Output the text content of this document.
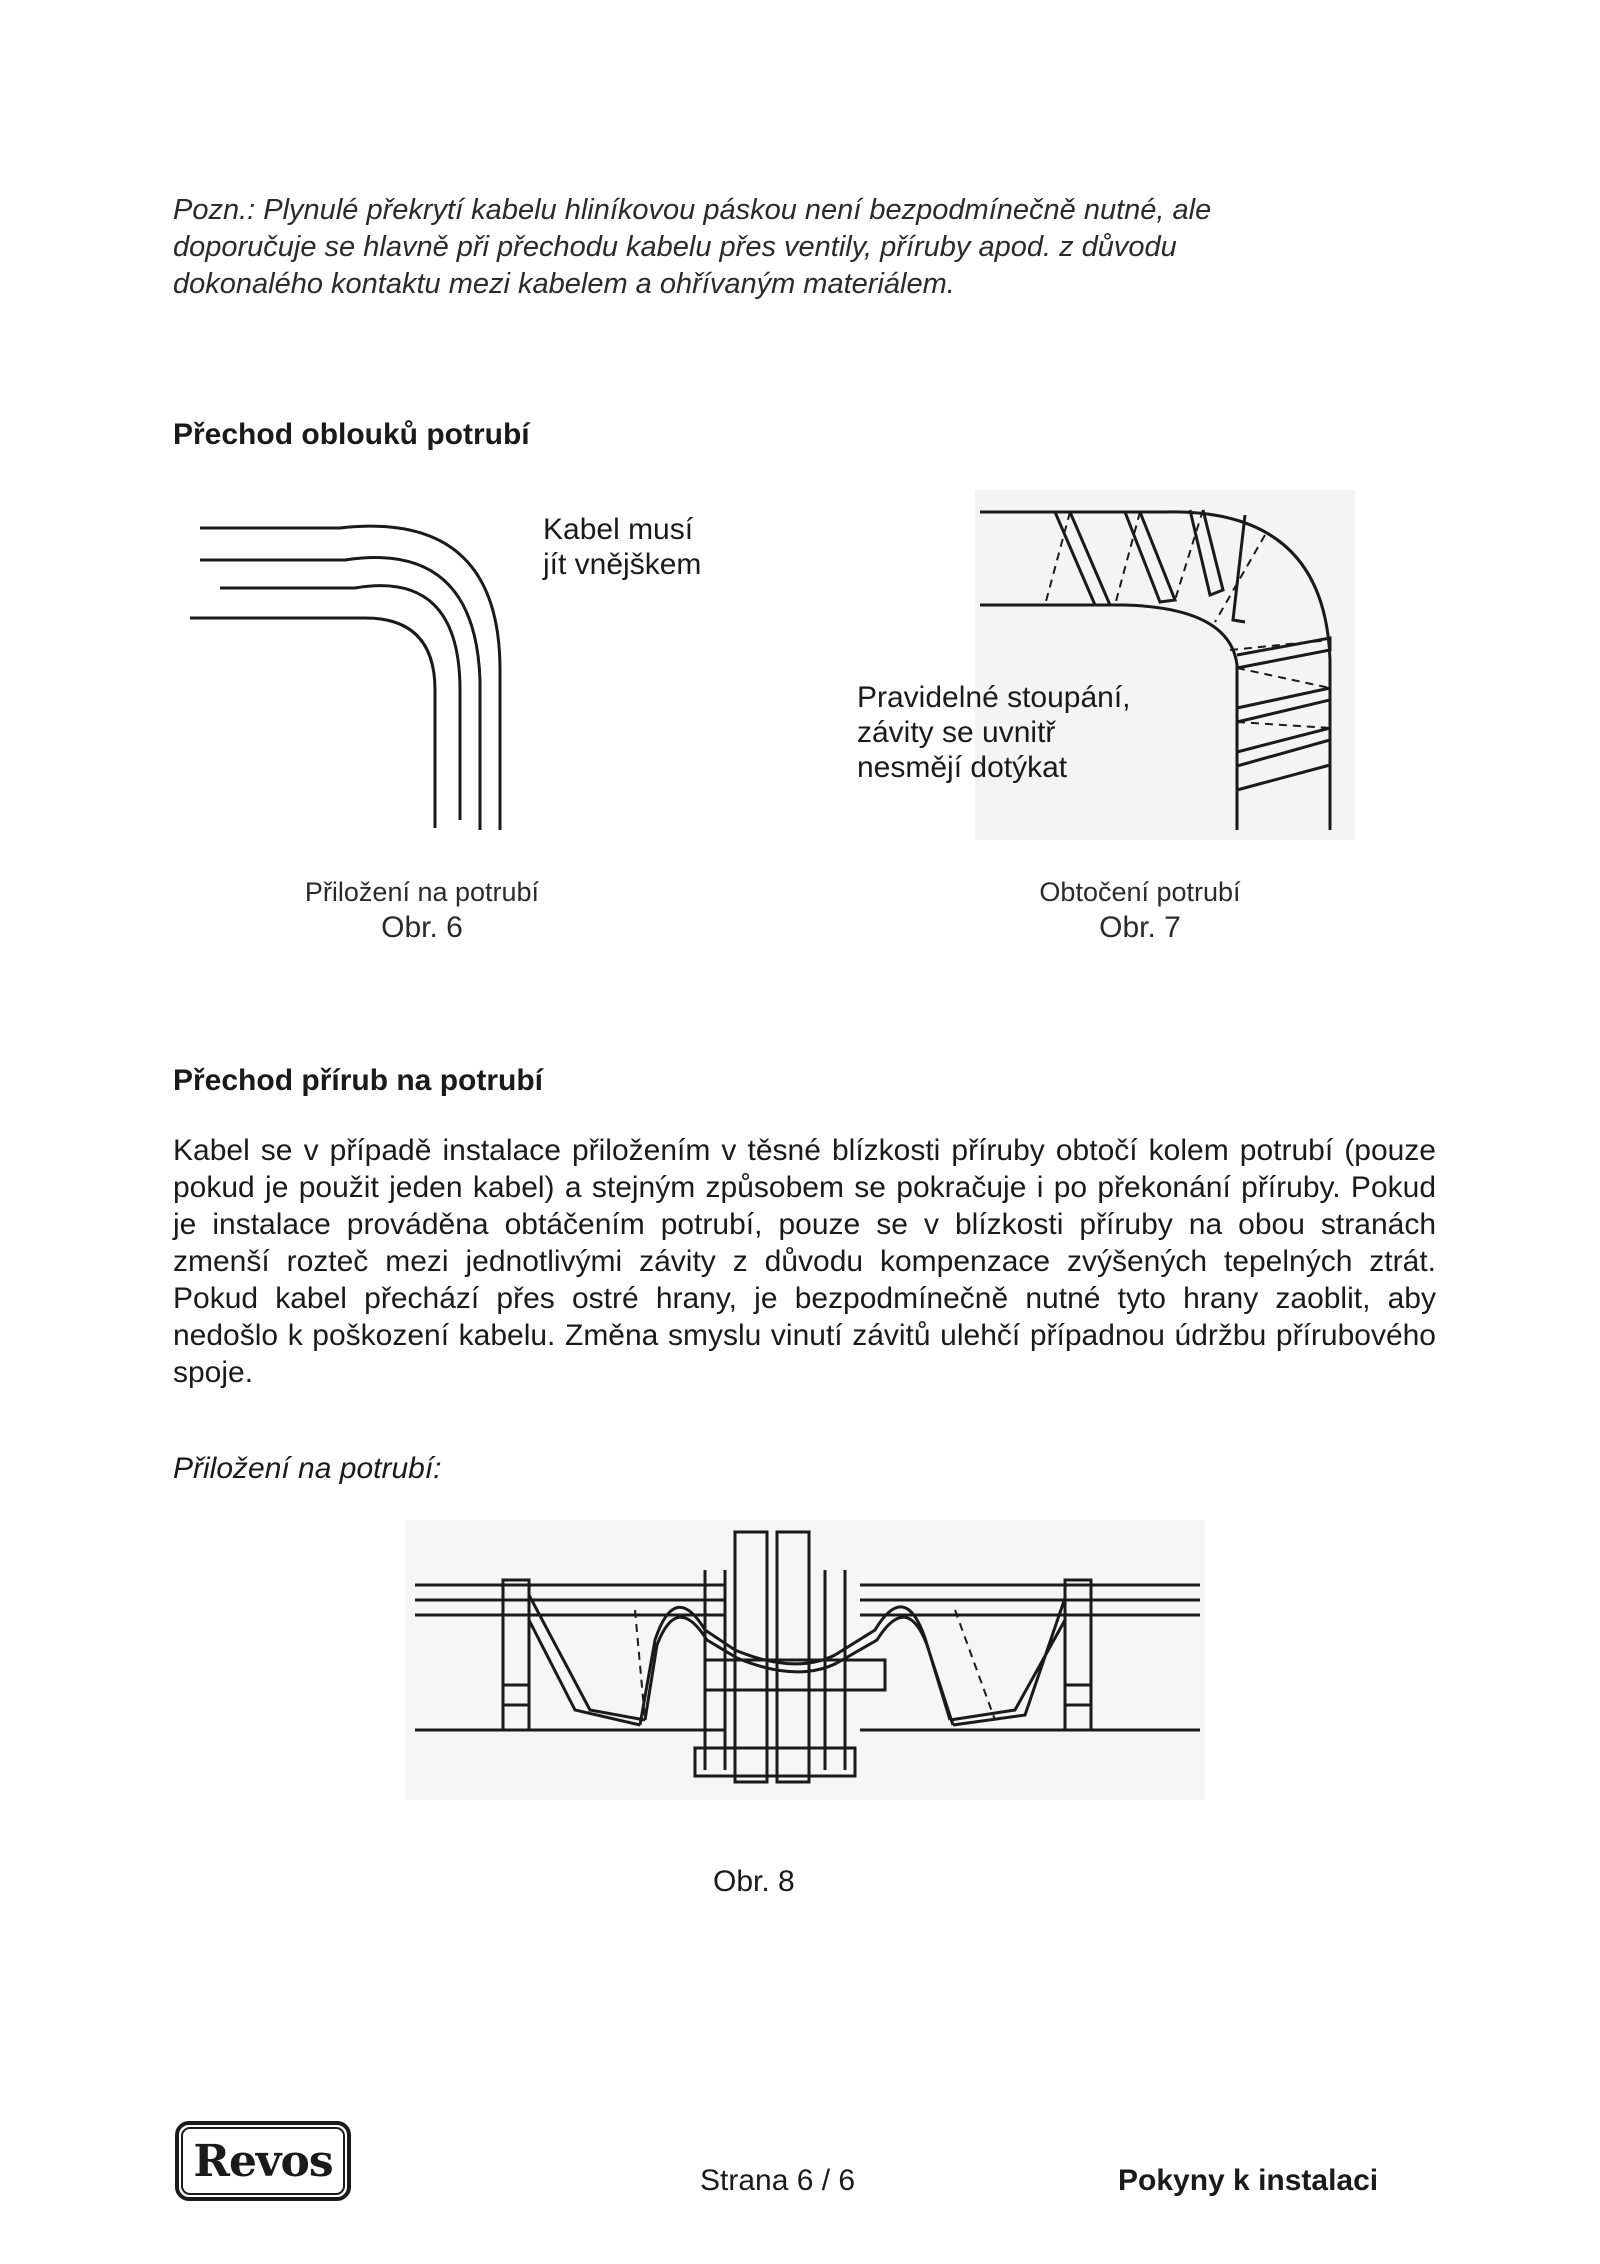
Pozn.: Plynulé překrytí kabelu hliníkovou páskou není bezpodmínečně nutné, ale
doporučuje se hlavně při přechodu kabelu přes ventily, příruby apod. z důvodu
dokonalého kontaktu mezi kabelem a ohřívaným materiálem.
Přechod oblouků potrubí
Kabel musí
jít vnějškem
Pravidelné stoupání,
závity se uvnitř
nesmějí dotýkat
Přiložení na potrubí
Obr. 6
Obtočení potrubí
Obr. 7
Přechod přírub na potrubí
Kabel se v případě instalace přiložením v těsné blízkosti příruby obtočí kolem potrubí (pouze pokud je použit jeden kabel) a stejným způsobem se pokračuje i po překonání příruby. Pokud je instalace prováděna obtáčením potrubí, pouze se v blízkosti příruby na obou stranách zmenší rozteč mezi jednotlivými závity z důvodu kompenzace zvýšených tepelných ztrát. Pokud kabel přechází přes ostré hrany, je bezpodmínečně nutné tyto hrany zaoblit, aby nedošlo k poškození kabelu. Změna smyslu vinutí závitů ulehčí případnou údržbu přírubového spoje.
Přiložení na potrubí:
Obr. 8
Revos	Strana 6 / 6	Pokyny k instalaci
